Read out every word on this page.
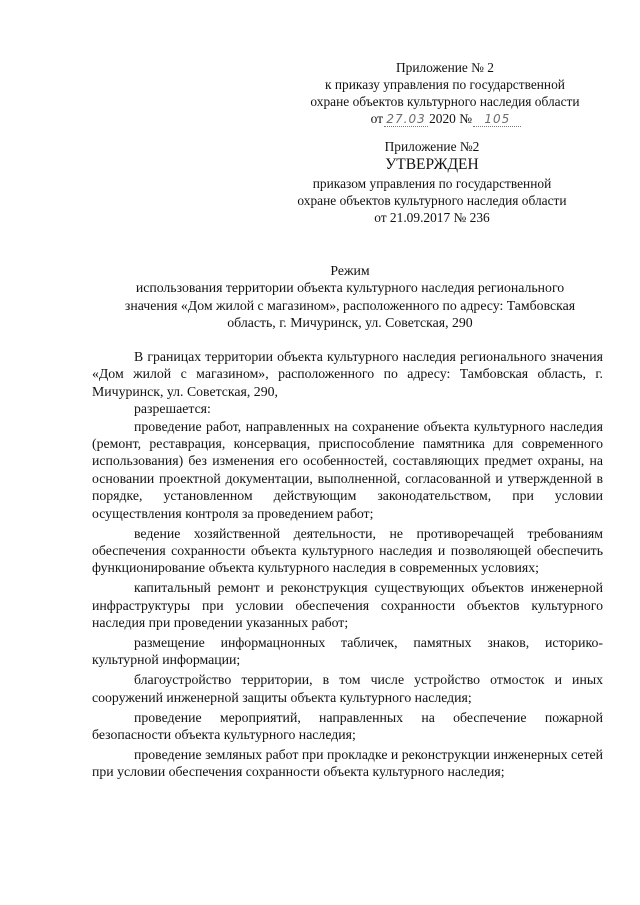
Приложение № 2
к приказу управления по государственной
охране объектов культурного наследия области
от 27.03 2020 № 105
Приложение №2
УТВЕРЖДЕН
приказом управления по государственной
охране объектов культурного наследия области
от 21.09.2017 № 236
Режим
использования территории объекта культурного наследия регионального
значения «Дом жилой с магазином», расположенного по адресу: Тамбовская
область, г. Мичуринск, ул. Советская, 290

В границах территории объекта культурного наследия регионального значения «Дом жилой с магазином», расположенного по адресу: Тамбовская область, г. Мичуринск, ул. Советская, 290,

разрешается:

проведение работ, направленных на сохранение объекта культурного наследия (ремонт, реставрация, консервация, приспособление памятника для современного использования) без изменения его особенностей, составляющих предмет охраны, на основании проектной документации, выполненной, согласованной и утвержденной в порядке, установленном действующим законодательством, при условии осуществления контроля за проведением работ;

ведение хозяйственной деятельности, не противоречащей требованиям обеспечения сохранности объекта культурного наследия и позволяющей обеспечить функционирование объекта культурного наследия в современных условиях;

капитальный ремонт и реконструкция существующих объектов инженерной инфраструктуры при условии обеспечения сохранности объектов культурного наследия при проведении указанных работ;

размещение информацнонных табличек, памятных знаков, историко-культурной информации;

благоустройство территории, в том числе устройство отмосток и иных сооружений инженерной защиты объекта культурного наследия;

проведение мероприятий, направленных на обеспечение пожарной безопасности объекта культурного наследия;

проведение земляных работ при прокладке и реконструкции инженерных сетей при условии обеспечения сохранности объекта культурного наследия;
